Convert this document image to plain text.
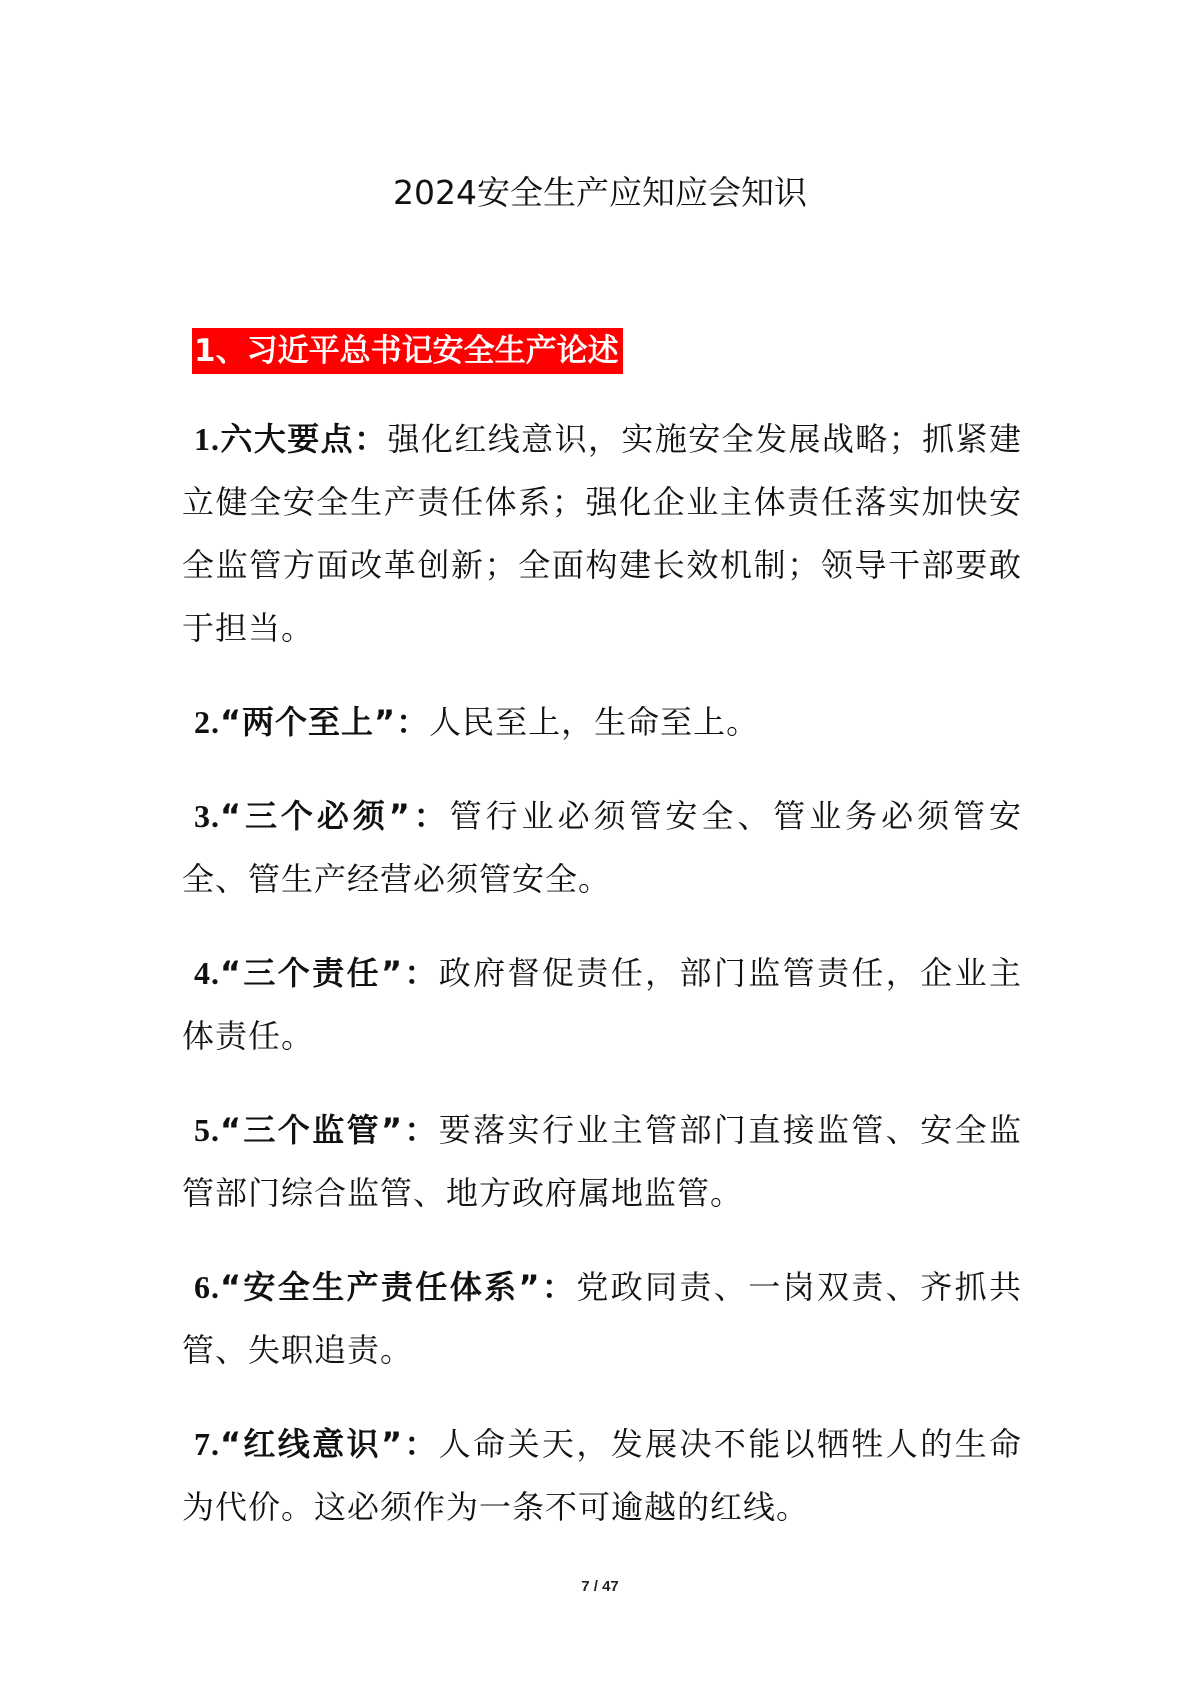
2024安全生产应知应会知识
1、习近平总书记安全生产论述

1.六大要点：强化红线意识，实施安全发展战略；抓紧建立健全安全生产责任体系；强化企业主体责任落实加快安全监管方面改革创新；全面构建长效机制；领导干部要敢于担当。

2.“两个至上”：人民至上，生命至上。

3.“三个必须”：管行业必须管安全、管业务必须管安全、管生产经营必须管安全。

4.“三个责任”：政府督促责任，部门监管责任，企业主体责任。

5.“三个监管”：要落实行业主管部门直接监管、安全监管部门综合监管、地方政府属地监管。

6.“安全生产责任体系”：党政同责、一岗双责、齐抓共管、失职追责。

7.“红线意识”：人命关天，发展决不能以牺牲人的生命为代价。这必须作为一条不可逾越的红线。

7 / 47
